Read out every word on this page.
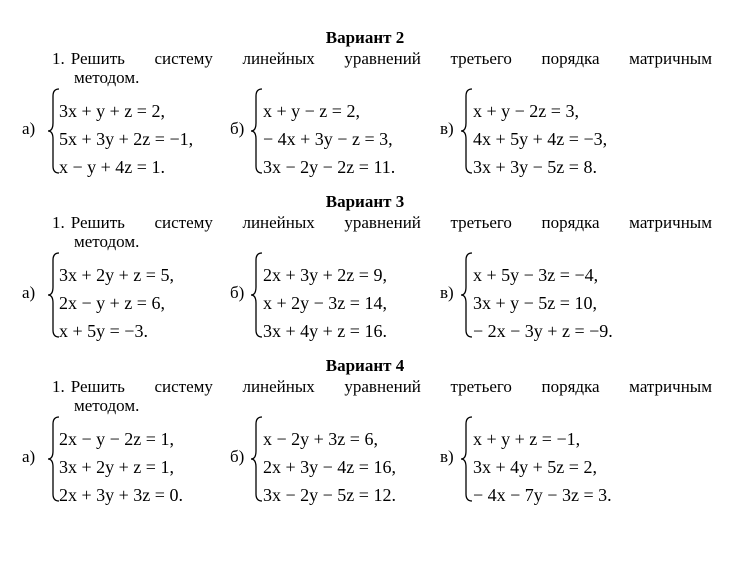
Вариант 2
1. Решить систему линейных уравнений третьего порядка матричным
методом.
а)
3x + y + z = 2,
5x + 3y + 2z = −1,
x − y + 4z = 1.
б)
x + y − z = 2,
− 4x + 3y − z = 3,
3x − 2y − 2z = 11.
в)
x + y − 2z = 3,
4x + 5y + 4z = −3,
3x + 3y − 5z = 8.
Вариант 3
1. Решить систему линейных уравнений третьего порядка матричным
методом.
а)
3x + 2y + z = 5,
2x − y + z = 6,
x + 5y = −3.
б)
2x + 3y + 2z = 9,
x + 2y − 3z = 14,
3x + 4y + z = 16.
в)
x + 5y − 3z = −4,
3x + y − 5z = 10,
− 2x − 3y + z = −9.
Вариант 4
1. Решить систему линейных уравнений третьего порядка матричным
методом.
а)
2x − y − 2z = 1,
3x + 2y + z = 1,
2x + 3y + 3z = 0.
б)
x − 2y + 3z = 6,
2x + 3y − 4z = 16,
3x − 2y − 5z = 12.
в)
x + y + z = −1,
3x + 4y + 5z = 2,
− 4x − 7y − 3z = 3.
